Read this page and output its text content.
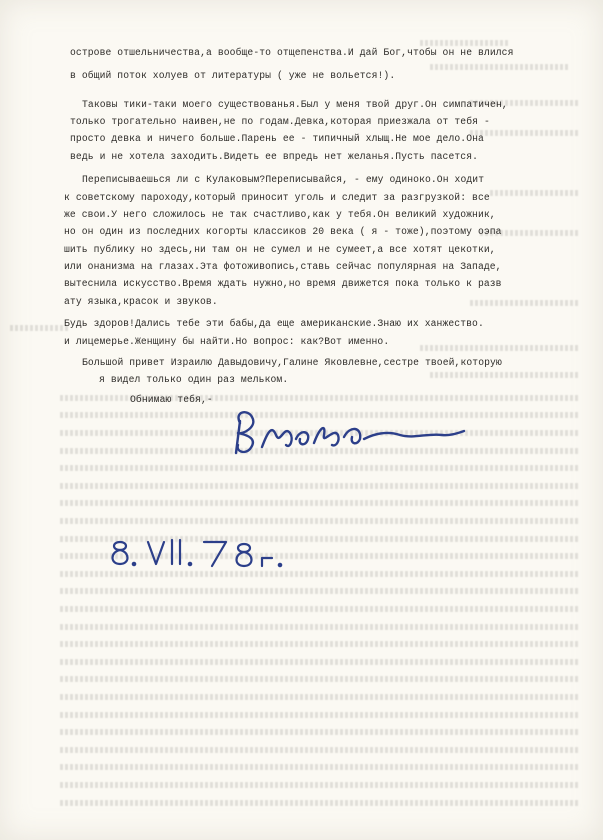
острове отшельничества,а вообще-то отщепенства.И дай Бог,чтобы он не влился
в общий поток холуев от литературы ( уже не вольется!).
Таковы тики-таки моего существованья.Был у меня твой друг.Он симпатичен,
только трогательно наивен,не по годам.Девка,которая приезжала от тебя -
просто девка и ничего больше.Парень ее - типичный хлыщ.Не мое дело.Она
ведь и не хотела заходить.Видеть ее впредь нет желанья.Пусть пасется.
Переписываешься ли с Кулаковым?Переписывайся, - ему одиноко.Он ходит
к советскому пароходу,который приносит уголь и следит за разгрузкой: все
же свои.У него сложилось не так счастливо,как у тебя.Он великий художник,
но он один из последних когорты классиков 20 века ( я - тоже),поэтому оэпа
шить публику но здесь,ни там он не сумел и не сумеет,а все хотят цекотки,
или онанизма на глазах.Эта фотоживопись,ставь сейчас популярная на Западе,
вытеснила искусство.Время ждать нужно,но время движется пока только к разв
ату языка,красок и звуков.
Будь здоров!Дались тебе эти бабы,да еще американские.Знаю их ханжество.
и лицемерье.Женщину бы найти.Но вопрос: как?Вот именно.
Большой привет Израилю Давыдовичу,Галине Яковлевне,сестре твоей,которую
я видел только один раз мельком.
Обнимаю тебя,-
